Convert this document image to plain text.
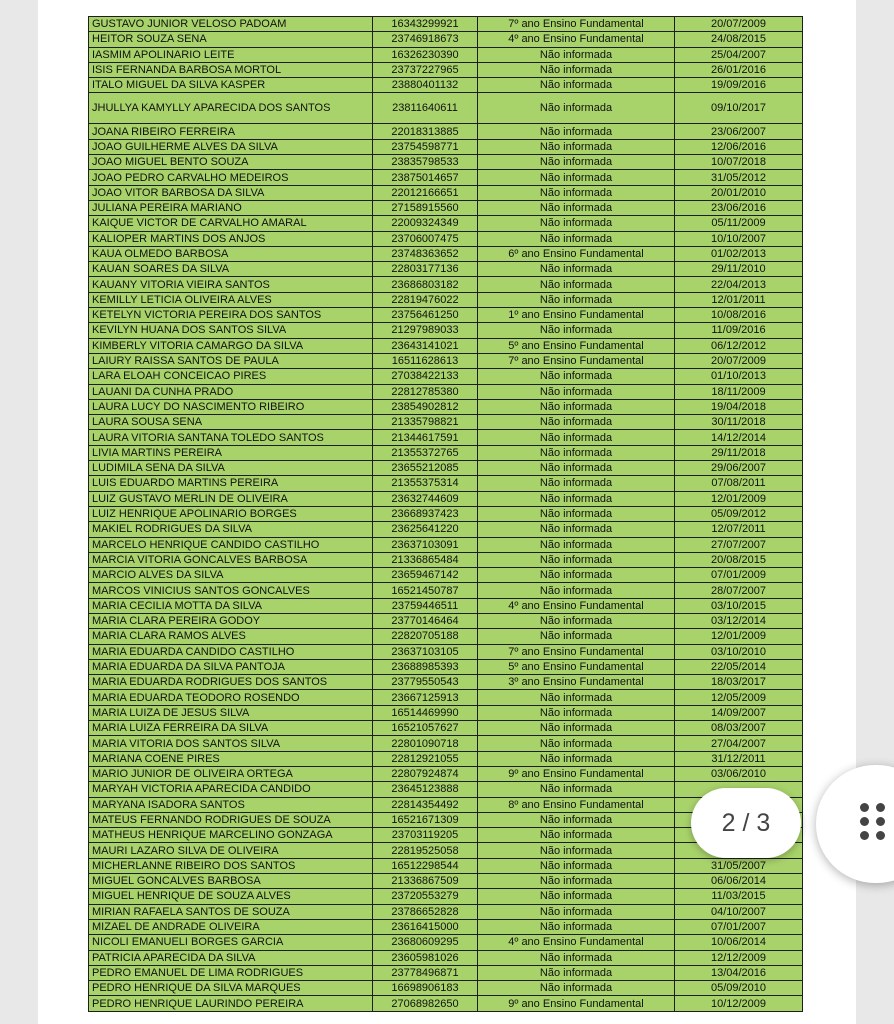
GUSTAVO JUNIOR VELOSO PADOAM	16343299921	7º ano Ensino Fundamental	20/07/2009
HEITOR SOUZA SENA	23746918673	4º ano Ensino Fundamental	24/08/2015
IASMIM APOLINARIO LEITE	16326230390	Não informada	25/04/2007
ISIS FERNANDA BARBOSA MORTOL	23737227965	Não informada	26/01/2016
ITALO MIGUEL DA SILVA KASPER	23880401132	Não informada	19/09/2016
JHULLYA KAMYLLY APARECIDA DOS SANTOS	23811640611	Não informada	09/10/2017
JOANA RIBEIRO FERREIRA	22018313885	Não informada	23/06/2007
JOAO GUILHERME ALVES DA SILVA	23754598771	Não informada	12/06/2016
JOAO MIGUEL BENTO SOUZA	23835798533	Não informada	10/07/2018
JOAO PEDRO CARVALHO MEDEIROS	23875014657	Não informada	31/05/2012
JOAO VITOR BARBOSA DA SILVA	22012166651	Não informada	20/01/2010
JULIANA PEREIRA MARIANO	27158915560	Não informada	23/06/2016
KAIQUE VICTOR DE CARVALHO AMARAL	22009324349	Não informada	05/11/2009
KALIOPER MARTINS DOS ANJOS	23706007475	Não informada	10/10/2007
KAUA OLMEDO BARBOSA	23748363652	6º ano Ensino Fundamental	01/02/2013
KAUAN SOARES DA SILVA	22803177136	Não informada	29/11/2010
KAUANY VITORIA VIEIRA SANTOS	23686803182	Não informada	22/04/2013
KEMILLY LETICIA OLIVEIRA ALVES	22819476022	Não informada	12/01/2011
KETELYN VICTORIA PEREIRA DOS SANTOS	23756461250	1º ano Ensino Fundamental	10/08/2016
KEVILYN HUANA DOS SANTOS SILVA	21297989033	Não informada	11/09/2016
KIMBERLY VITORIA CAMARGO DA SILVA	23643141021	5º ano Ensino Fundamental	06/12/2012
LAIURY RAISSA SANTOS DE PAULA	16511628613	7º ano Ensino Fundamental	20/07/2009
LARA ELOAH CONCEICAO PIRES	27038422133	Não informada	01/10/2013
LAUANI DA CUNHA PRADO	22812785380	Não informada	18/11/2009
LAURA LUCY DO NASCIMENTO RIBEIRO	23854902812	Não informada	19/04/2018
LAURA SOUSA SENA	21335798821	Não informada	30/11/2018
LAURA VITORIA SANTANA TOLEDO SANTOS	21344617591	Não informada	14/12/2014
LIVIA MARTINS PEREIRA	21355372765	Não informada	29/11/2018
LUDIMILA SENA DA SILVA	23655212085	Não informada	29/06/2007
LUIS EDUARDO MARTINS PEREIRA	21355375314	Não informada	07/08/2011
LUIZ GUSTAVO MERLIN DE OLIVEIRA	23632744609	Não informada	12/01/2009
LUIZ HENRIQUE APOLINARIO BORGES	23668937423	Não informada	05/09/2012
MAKIEL RODRIGUES DA SILVA	23625641220	Não informada	12/07/2011
MARCELO HENRIQUE CANDIDO CASTILHO	23637103091	Não informada	27/07/2007
MARCIA VITORIA GONCALVES BARBOSA	21336865484	Não informada	20/08/2015
MARCIO ALVES DA SILVA	23659467142	Não informada	07/01/2009
MARCOS VINICIUS SANTOS GONCALVES	16521450787	Não informada	28/07/2007
MARIA CECILIA MOTTA DA SILVA	23759446511	4º ano Ensino Fundamental	03/10/2015
MARIA CLARA PEREIRA GODOY	23770146464	Não informada	03/12/2014
MARIA CLARA RAMOS ALVES	22820705188	Não informada	12/01/2009
MARIA EDUARDA CANDIDO CASTILHO	23637103105	7º ano Ensino Fundamental	03/10/2010
MARIA EDUARDA DA SILVA PANTOJA	23688985393	5º ano Ensino Fundamental	22/05/2014
MARIA EDUARDA RODRIGUES DOS SANTOS	23779550543	3º ano Ensino Fundamental	18/03/2017
MARIA EDUARDA TEODORO ROSENDO	23667125913	Não informada	12/05/2009
MARIA LUIZA DE JESUS SILVA	16514469990	Não informada	14/09/2007
MARIA LUIZA FERREIRA DA SILVA	16521057627	Não informada	08/03/2007
MARIA VITORIA DOS SANTOS SILVA	22801090718	Não informada	27/04/2007
MARIANA COENE PIRES	22812921055	Não informada	31/12/2011
MARIO JUNIOR DE OLIVEIRA ORTEGA	22807924874	9º ano Ensino Fundamental	03/06/2010
MARYAH VICTORIA APARECIDA CANDIDO	23645123888	Não informada	
MARYANA ISADORA SANTOS	22814354492	8º ano Ensino Fundamental	
MATEUS FERNANDO RODRIGUES DE SOUZA	16521671309	Não informada	
MATHEUS HENRIQUE MARCELINO GONZAGA	23703119205	Não informada	
MAURI LAZARO SILVA DE OLIVEIRA	22819525058	Não informada	
MICHERLANNE RIBEIRO DOS SANTOS	16512298544	Não informada	31/05/2007
MIGUEL GONCALVES BARBOSA	21336867509	Não informada	06/06/2014
MIGUEL HENRIQUE DE SOUZA ALVES	23720553279	Não informada	11/03/2015
MIRIAN RAFAELA SANTOS DE SOUZA	23786652828	Não informada	04/10/2007
MIZAEL DE ANDRADE OLIVEIRA	23616415000	Não informada	07/01/2007
NICOLI EMANUELI BORGES GARCIA	23680609295	4º ano Ensino Fundamental	10/06/2014
PATRICIA APARECIDA DA SILVA	23605981026	Não informada	12/12/2009
PEDRO EMANUEL DE LIMA RODRIGUES	23778496871	Não informada	13/04/2016
PEDRO HENRIQUE DA SILVA MARQUES	16698906183	Não informada	05/09/2010
PEDRO HENRIQUE LAURINDO PEREIRA	27068982650	9º ano Ensino Fundamental	10/12/2009
2 / 3
